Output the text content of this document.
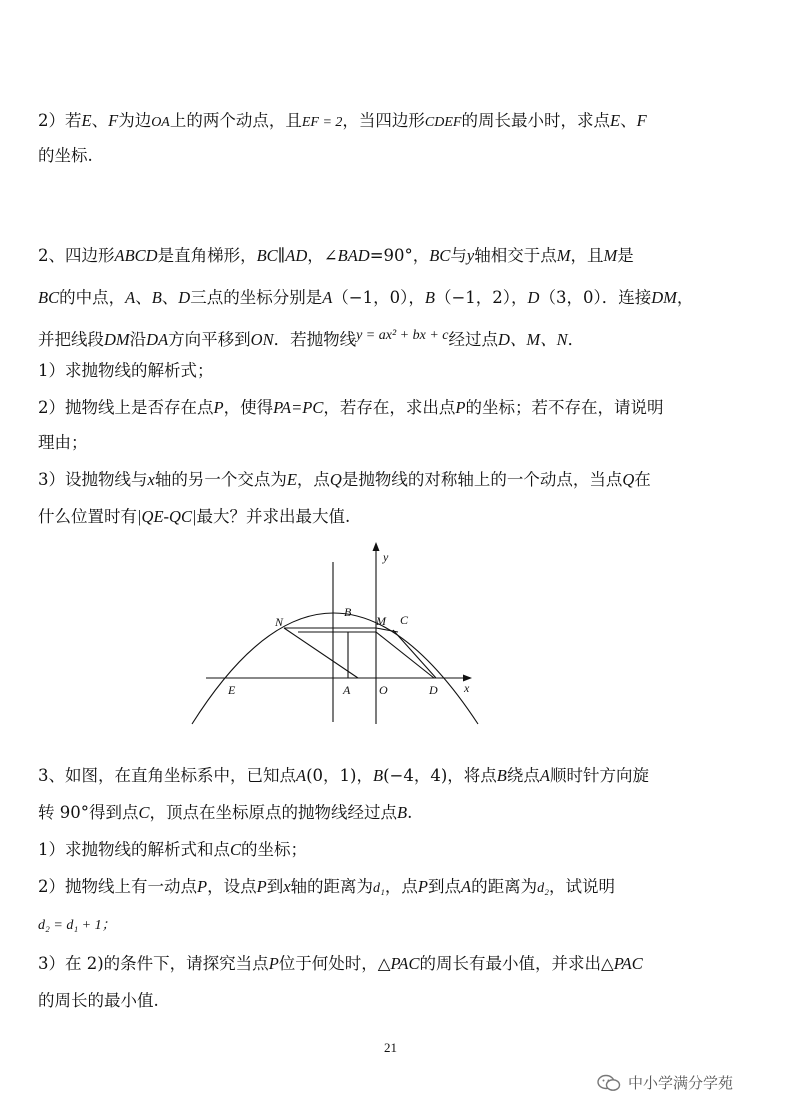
2）若E、F为边OA上的两个动点，且EF = 2，当四边形CDEF的周长最小时，求点E、F
的坐标.
2、四边形ABCD是直角梯形，BC∥AD，∠BAD=90°，BC与y轴相交于点M，且M是
BC的中点，A、B、D三点的坐标分别是A（−1，0），B（−1，2），D（3，0）．连接DM，
并把线段DM沿DA方向平移到ON．若抛物线$^{y = ax^2 + bx + c}$经过点D、M、N．
1）求抛物线的解析式；
2）抛物线上是否存在点P，使得PA=PC，若存在，求出点P的坐标；若不存在，请说明
理由；
3）设抛物线与x轴的另一个交点为E，点Q是抛物线的对称轴上的一个动点，当点Q在
什么位置时有|QE-QC|最大？并求出最大值.
y
x
N
B
M C
E	A O	D
3、如图，在直角坐标系中，已知点A(0，1)，B(−4，4)，将点B绕点A顺时针方向旋
转 90°得到点C，顶点在坐标原点的抛物线经过点B.
1）求抛物线的解析式和点C的坐标；
2）抛物线上有一动点P，设点P到x轴的距离为d₁，点P到点A的距离为d₂，试说明
d₂ = d₁ + 1；
3）在 2)的条件下，请探究当点P位于何处时，△PAC的周长有最小值，并求出△PAC
的周长的最小值.
21
中小学满分学苑
